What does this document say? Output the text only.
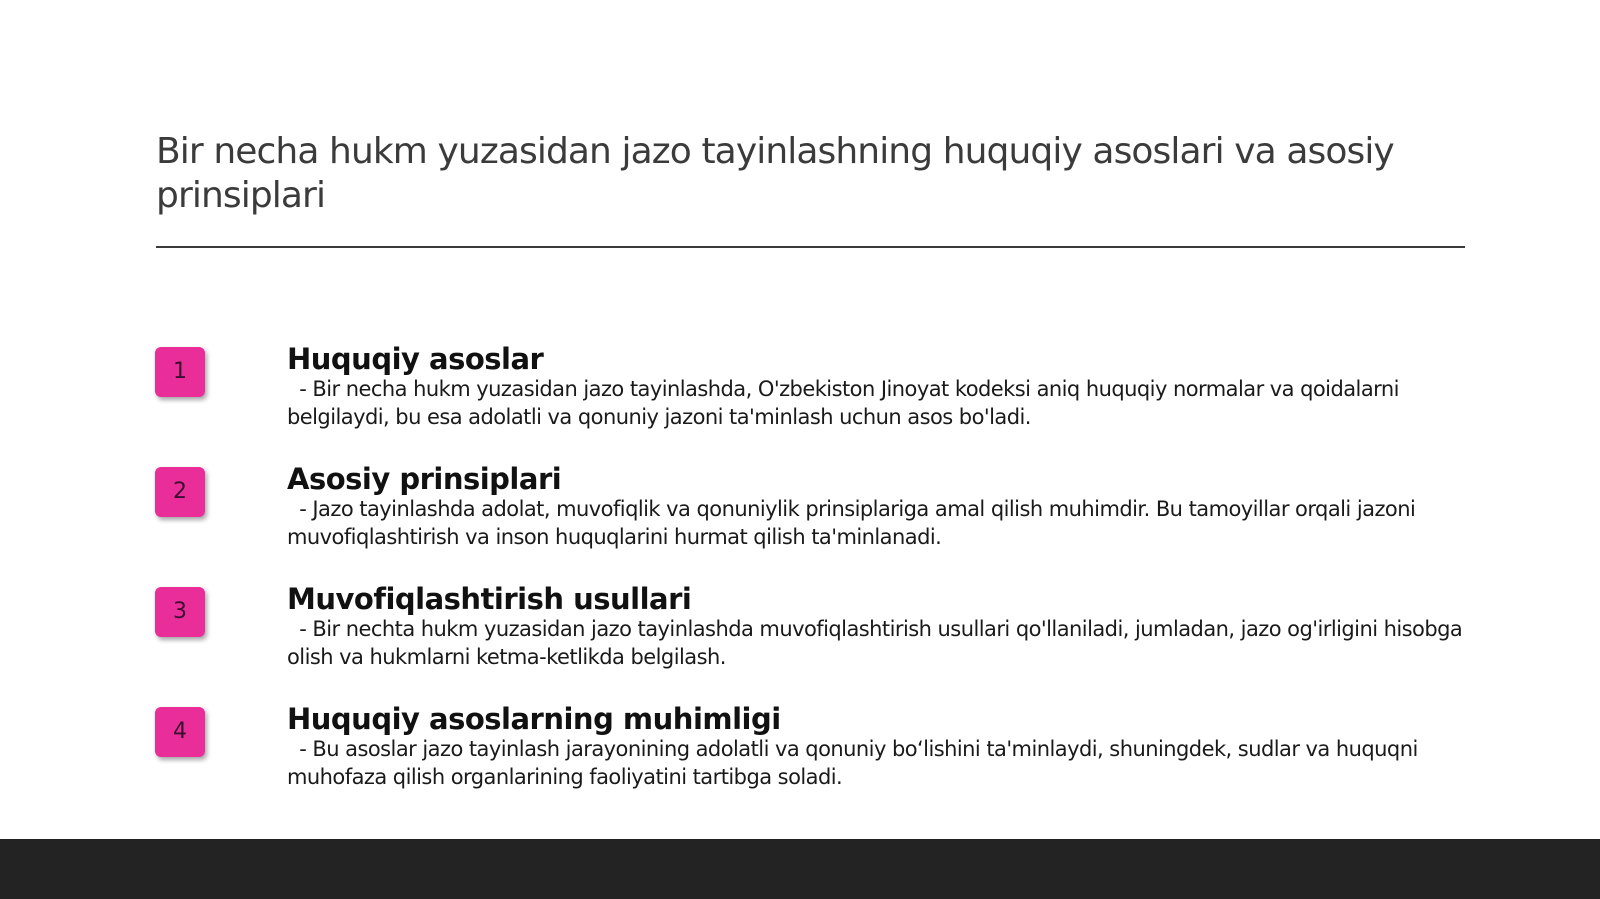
Bir necha hukm yuzasidan jazo tayinlashning huquqiy asoslari va asosiy prinsiplari
1	Huquqiy asoslar

- Bir necha hukm yuzasidan jazo tayinlashda, O'zbekiston Jinoyat kodeksi aniq huquqiy normalar va qoidalarni belgilaydi, bu esa adolatli va qonuniy jazoni ta'minlash uchun asos bo'ladi.

2	Asosiy prinsiplari

- Jazo tayinlashda adolat, muvofiqlik va qonuniylik prinsiplariga amal qilish muhimdir. Bu tamoyillar orqali jazoni muvofiqlashtirish va inson huquqlarini hurmat qilish ta'minlanadi.

3	Muvofiqlashtirish usullari

- Bir nechta hukm yuzasidan jazo tayinlashda muvofiqlashtirish usullari qo'llaniladi, jumladan, jazo og'irligini hisobga olish va hukmlarni ketma-ketlikda belgilash.

4	Huquqiy asoslarning muhimligi

- Bu asoslar jazo tayinlash jarayonining adolatli va qonuniy bo‘lishini ta'minlaydi, shuningdek, sudlar va huquqni muhofaza qilish organlarining faoliyatini tartibga soladi.
